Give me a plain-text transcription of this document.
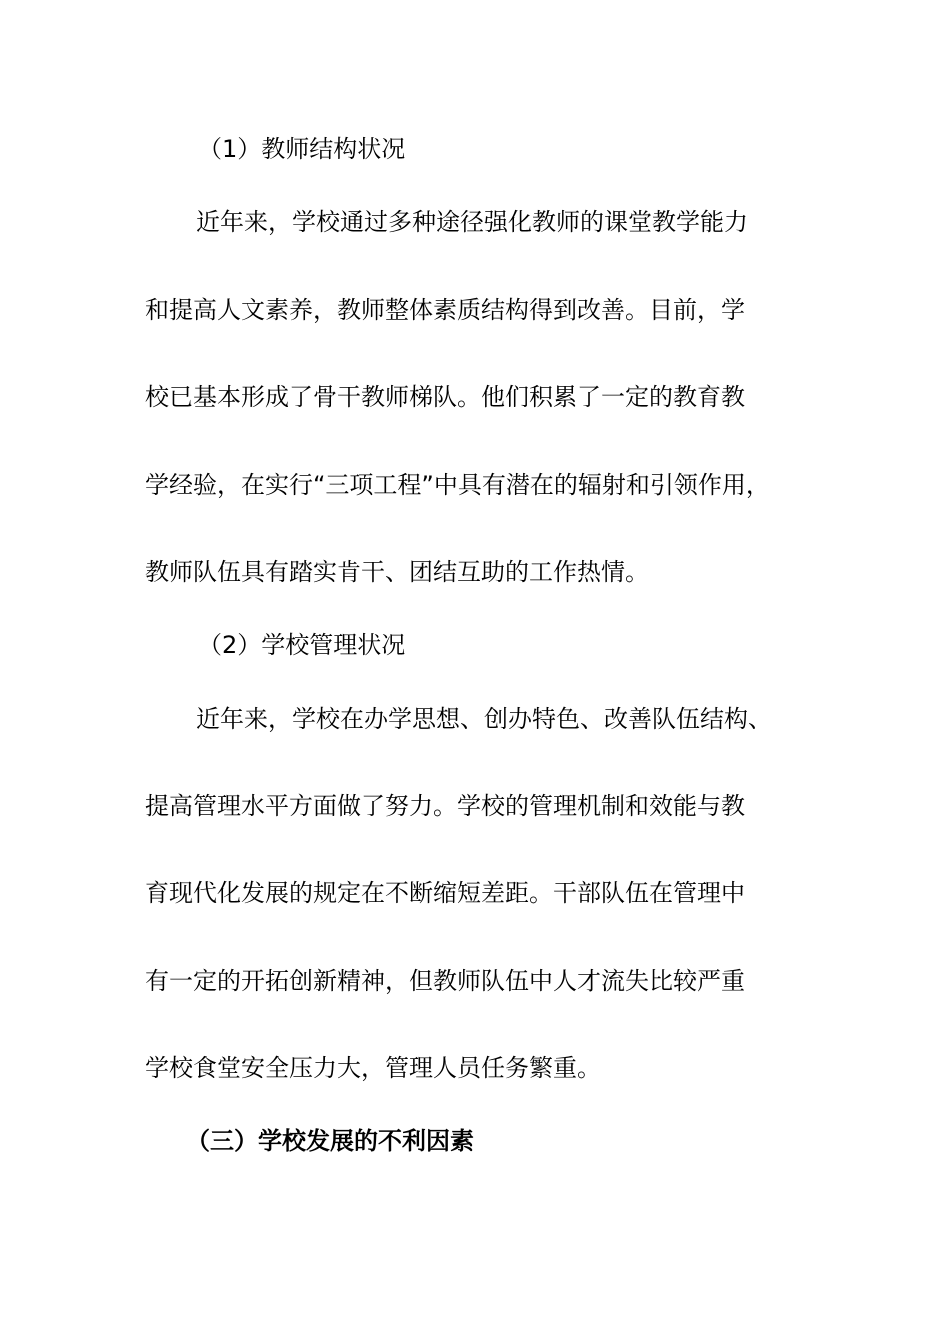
（1）教师结构状况

近年来，学校通过多种途径强化教师的课堂教学能力

和提高人文素养，教师整体素质结构得到改善。目前，学

校已基本形成了骨干教师梯队。他们积累了一定的教育教

学经验，在实行“三项工程”中具有潜在的辐射和引领作用，

教师队伍具有踏实肯干、团结互助的工作热情。

（2）学校管理状况

近年来，学校在办学思想、创办特色、改善队伍结构、

提高管理水平方面做了努力。学校的管理机制和效能与教

育现代化发展的规定在不断缩短差距。干部队伍在管理中

有一定的开拓创新精神，但教师队伍中人才流失比较严重

学校食堂安全压力大，管理人员任务繁重。

（三）学校发展的不利因素
